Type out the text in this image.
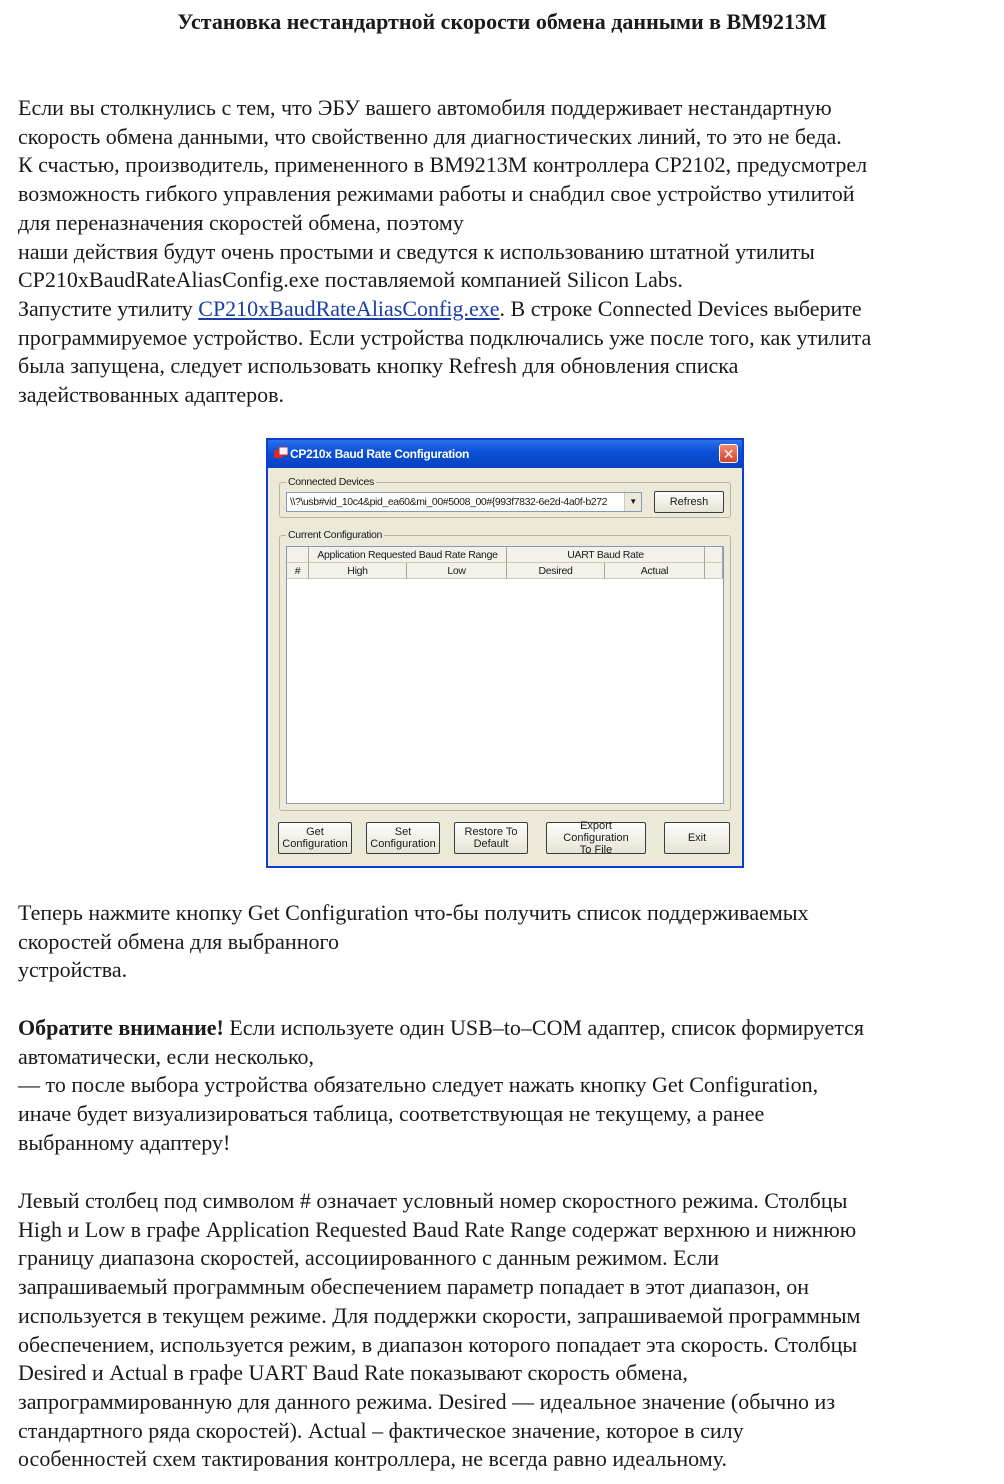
Установка нестандартной скорости обмена данными в BM9213M
Если вы столкнулись с тем, что ЭБУ вашего автомобиля поддерживает нестандартную
скорость обмена данными, что свойственно для диагностических линий, то это не беда.
К счастью, производитель, примененного в BM9213M контроллера CP2102, предусмотрел
возможность гибкого управления режимами работы и снабдил свое устройство утилитой
для переназначения скоростей обмена, поэтому
наши действия будут очень простыми и сведутся к использованию штатной утилиты
CP210xBaudRateAliasConfig.exe поставляемой компанией Silicon Labs.
Запустите утилиту CP210xBaudRateAliasConfig.exe. В строке Connected Devices выберите
программируемое устройство. Если устройства подключались уже после того, как утилита
была запущена, следует использовать кнопку Refresh для обновления списка
задействованных адаптеров.
CP210x Baud Rate Configuration	✕
Connected Devices
\\?\usb#vid_10c4&pid_ea60&mi_00#5008_00#{993f7832-6e2d-4a0f-b272	▼	Refresh
Current Configuration
Application Requested Baud Rate Range	UART Baud Rate
#	High	Low	Desired	Actual
Get
Configuration
Set
Configuration
Restore To
Default
Export Configuration
To File
Exit
Теперь нажмите кнопку Get Configuration что-бы получить список поддерживаемых
скоростей обмена для выбранного
устройства.
Обратите внимание! Если используете один USB–to–COM адаптер, список формируется
автоматически, если несколько,
— то после выбора устройства обязательно следует нажать кнопку Get Configuration,
иначе будет визуализироваться таблица, соответствующая не текущему, а ранее
выбранному адаптеру!
Левый столбец под символом # означает условный номер скоростного режима. Столбцы
High и Low в графе Application Requested Baud Rate Range содержат верхнюю и нижнюю
границу диапазона скоростей, ассоциированного с данным режимом. Если
запрашиваемый программным обеспечением параметр попадает в этот диапазон, он
используется в текущем режиме. Для поддержки скорости, запрашиваемой программным
обеспечением, используется режим, в диапазон которого попадает эта скорость. Столбцы
Desired и Actual в графе UART Baud Rate показывают скорость обмена,
запрограммированную для данного режима. Desired — идеальное значение (обычно из
стандартного ряда скоростей). Actual – фактическое значение, которое в силу
особенностей схем тактирования контроллера, не всегда равно идеальному.
